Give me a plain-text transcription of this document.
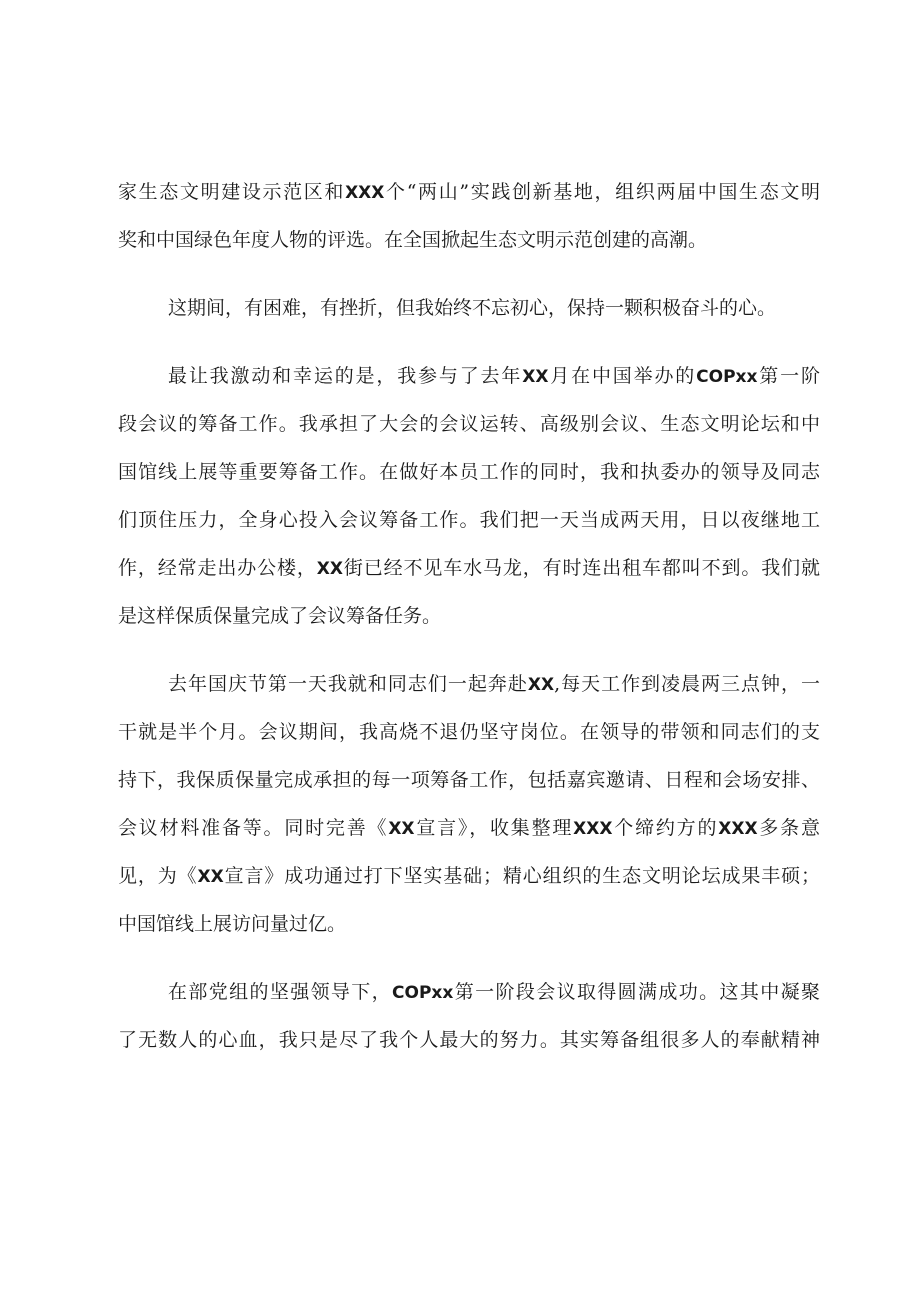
家生态文明建设示范区和XXX个“两山”实践创新基地，组织两届中国生态文明
奖和中国绿色年度人物的评选。在全国掀起生态文明示范创建的高潮。
这期间，有困难，有挫折，但我始终不忘初心，保持一颗积极奋斗的心。
最让我激动和幸运的是，我参与了去年XX月在中国举办的COPxx第一阶
段会议的筹备工作。我承担了大会的会议运转、高级别会议、生态文明论坛和中
国馆线上展等重要筹备工作。在做好本员工作的同时，我和执委办的领导及同志
们顶住压力，全身心投入会议筹备工作。我们把一天当成两天用，日以夜继地工
作，经常走出办公楼，XX街已经不见车水马龙，有时连出租车都叫不到。我们就
是这样保质保量完成了会议筹备任务。
去年国庆节第一天我就和同志们一起奔赴XX,每天工作到凌晨两三点钟，一
干就是半个月。会议期间，我高烧不退仍坚守岗位。在领导的带领和同志们的支
持下，我保质保量完成承担的每一项筹备工作，包括嘉宾邀请、日程和会场安排、
会议材料准备等。同时完善《XX宣言》，收集整理XXX个缔约方的XXX多条意
见，为《XX宣言》成功通过打下坚实基础；精心组织的生态文明论坛成果丰硕；
中国馆线上展访问量过亿。
在部党组的坚强领导下，COPxx第一阶段会议取得圆满成功。这其中凝聚
了无数人的心血，我只是尽了我个人最大的努力。其实筹备组很多人的奉献精神
